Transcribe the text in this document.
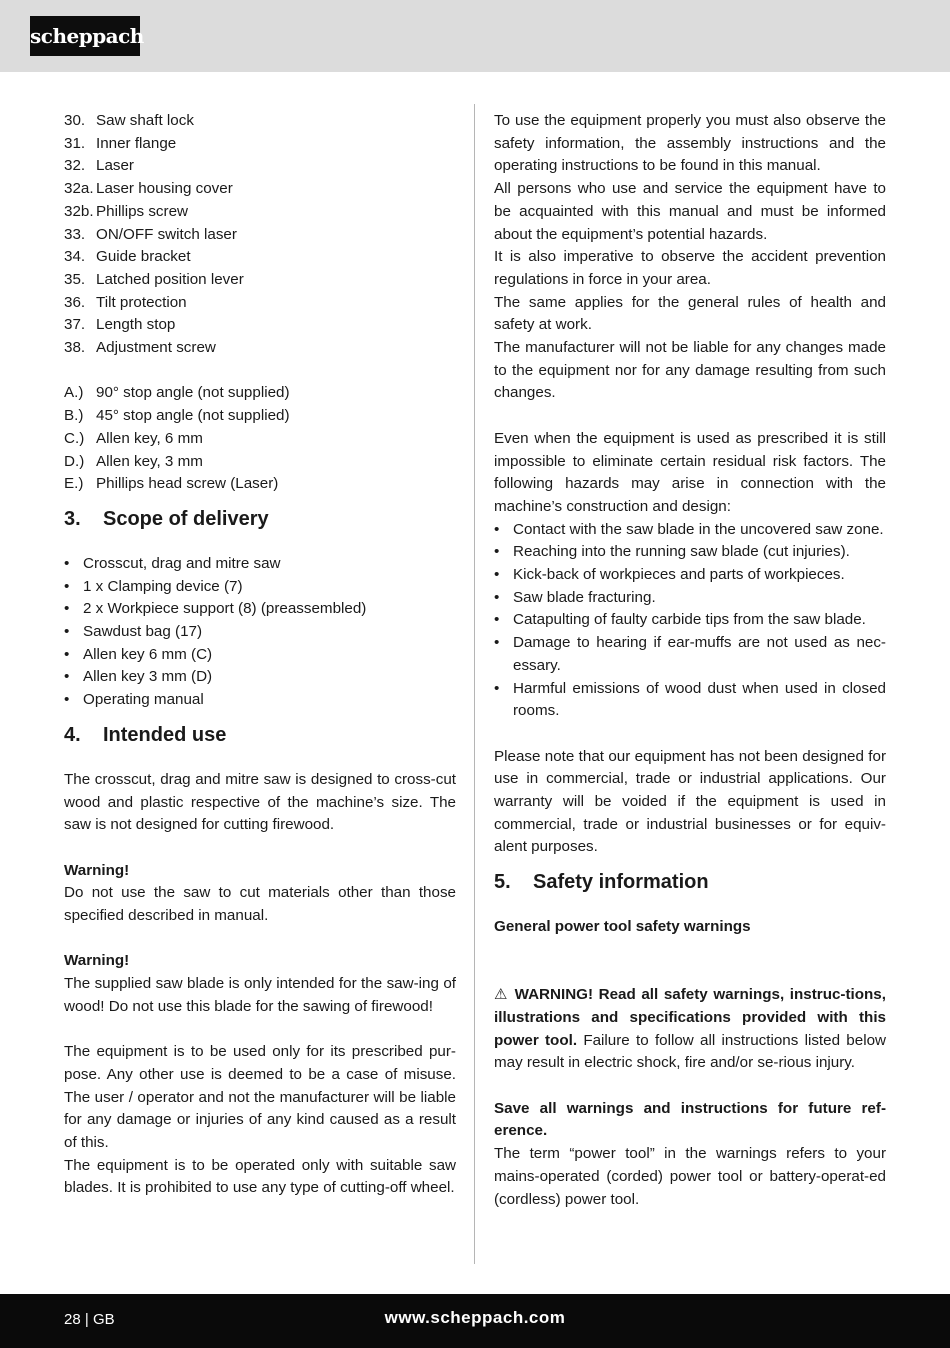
scheppach
30. Saw shaft lock
31. Inner flange
32. Laser
32a. Laser housing cover
32b. Phillips screw
33. ON/OFF switch laser
34. Guide bracket
35. Latched position lever
36. Tilt protection
37. Length stop
38. Adjustment screw
A.) 90° stop angle (not supplied)
B.) 45° stop angle (not supplied)
C.) Allen key, 6 mm
D.) Allen key, 3 mm
E.) Phillips head screw (Laser)
3.	Scope of delivery
• Crosscut, drag and mitre saw
• 1 x Clamping device (7)
• 2 x Workpiece support (8) (preassembled)
• Sawdust bag (17)
• Allen key 6 mm (C)
• Allen key 3 mm (D)
• Operating manual
4.	Intended use

The crosscut, drag and mitre saw is designed to cross-cut wood and plastic respective of the machine’s size. The saw is not designed for cutting firewood.

Warning!

Do not use the saw to cut materials other than those specified described in manual.

Warning!

The supplied saw blade is only intended for the saw-ing of wood! Do not use this blade for the sawing of firewood!

The equipment is to be used only for its prescribed pur-pose. Any other use is deemed to be a case of misuse. The user / operator and not the manufacturer will be liable for any damage or injuries of any kind caused as a result of this.

The equipment is to be operated only with suitable saw blades. It is prohibited to use any type of cutting-off wheel.

To use the equipment properly you must also observe the safety information, the assembly instructions and the operating instructions to be found in this manual.

All persons who use and service the equipment have to be acquainted with this manual and must be informed about the equipment’s potential hazards.

It is also imperative to observe the accident prevention regulations in force in your area.

The same applies for the general rules of health and safety at work.

The manufacturer will not be liable for any changes made to the equipment nor for any damage resulting from such changes.

Even when the equipment is used as prescribed it is still impossible to eliminate certain residual risk factors. The following hazards may arise in connection with the machine’s construction and design:

• Contact with the saw blade in the uncovered saw zone.
• Reaching into the running saw blade (cut injuries).
• Kick-back of workpieces and parts of workpieces.
• Saw blade fracturing.
• Catapulting of faulty carbide tips from the saw blade.
• Damage to hearing if ear-muffs are not used as nec-essary.
• Harmful emissions of wood dust when used in closed rooms.

Please note that our equipment has not been designed for use in commercial, trade or industrial applications. Our warranty will be voided if the equipment is used in commercial, trade or industrial businesses or for equiv-alent purposes.

5.	Safety information

General power tool safety warnings

⚠ WARNING! Read all safety warnings, instruc-tions, illustrations and specifications provided with this power tool. Failure to follow all instructions listed below may result in electric shock, fire and/or se-rious injury.

Save all warnings and instructions for future ref-erence.

The term “power tool” in the warnings refers to your mains-operated (corded) power tool or battery-operat-ed (cordless) power tool.

28 | GB	www.scheppach.com
